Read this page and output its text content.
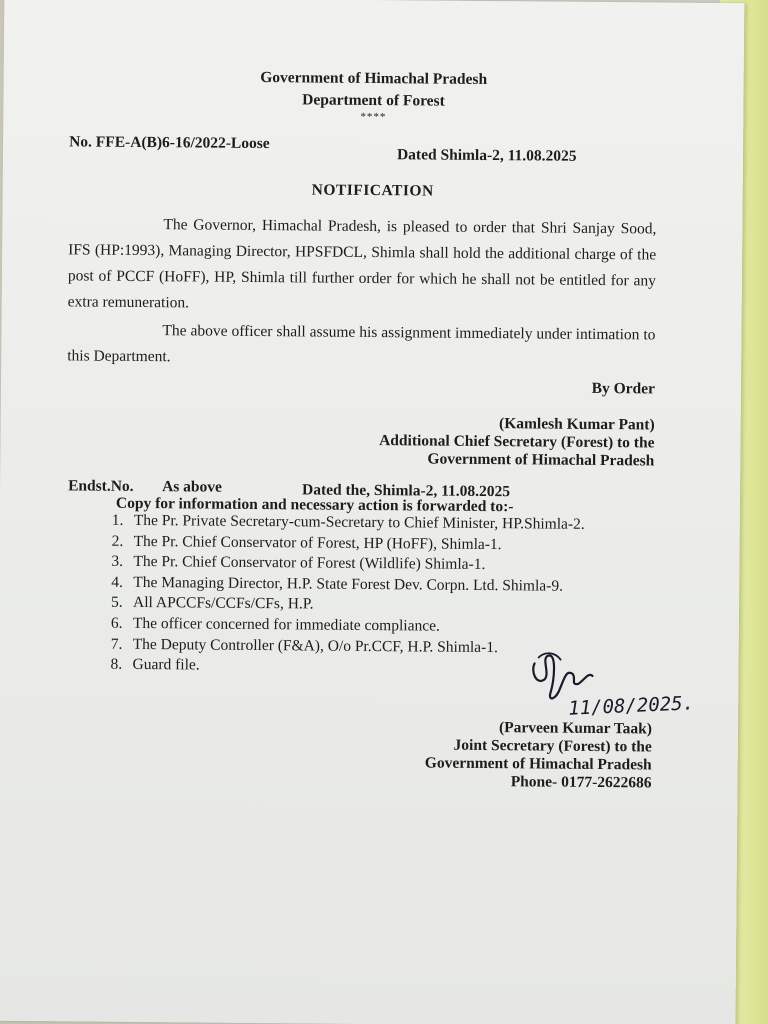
Government of Himachal Pradesh
Department of Forest
****
No. FFE-A(B)6-16/2022-Loose
Dated Shimla-2, 11.08.2025
NOTIFICATION
The Governor, Himachal Pradesh, is pleased to order that Shri Sanjay Sood, IFS (HP:1993), Managing Director, HPSFDCL, Shimla shall hold the additional charge of the post of PCCF (HoFF), HP, Shimla till further order for which he shall not be entitled for any extra remuneration.
The above officer shall assume his assignment immediately under intimation to this Department.
By Order
(Kamlesh Kumar Pant)
Additional Chief Secretary (Forest) to the
Government of Himachal Pradesh
Endst.No. As above	Dated the, Shimla-2, 11.08.2025
Copy for information and necessary action is forwarded to:-
1. The Pr. Private Secretary-cum-Secretary to Chief Minister, HP.Shimla-2.
2. The Pr. Chief Conservator of Forest, HP (HoFF), Shimla-1.
3. The Pr. Chief Conservator of Forest (Wildlife) Shimla-1.
4. The Managing Director, H.P. State Forest Dev. Corpn. Ltd. Shimla-9.
5. All APCCFs/CCFs/CFs, H.P.
6. The officer concerned for immediate compliance.
7. The Deputy Controller (F&A), O/o Pr.CCF, H.P. Shimla-1.
8. Guard file.
11/08/2025.
(Parveen Kumar Taak)
Joint Secretary (Forest) to the
Government of Himachal Pradesh
Phone- 0177-2622686
